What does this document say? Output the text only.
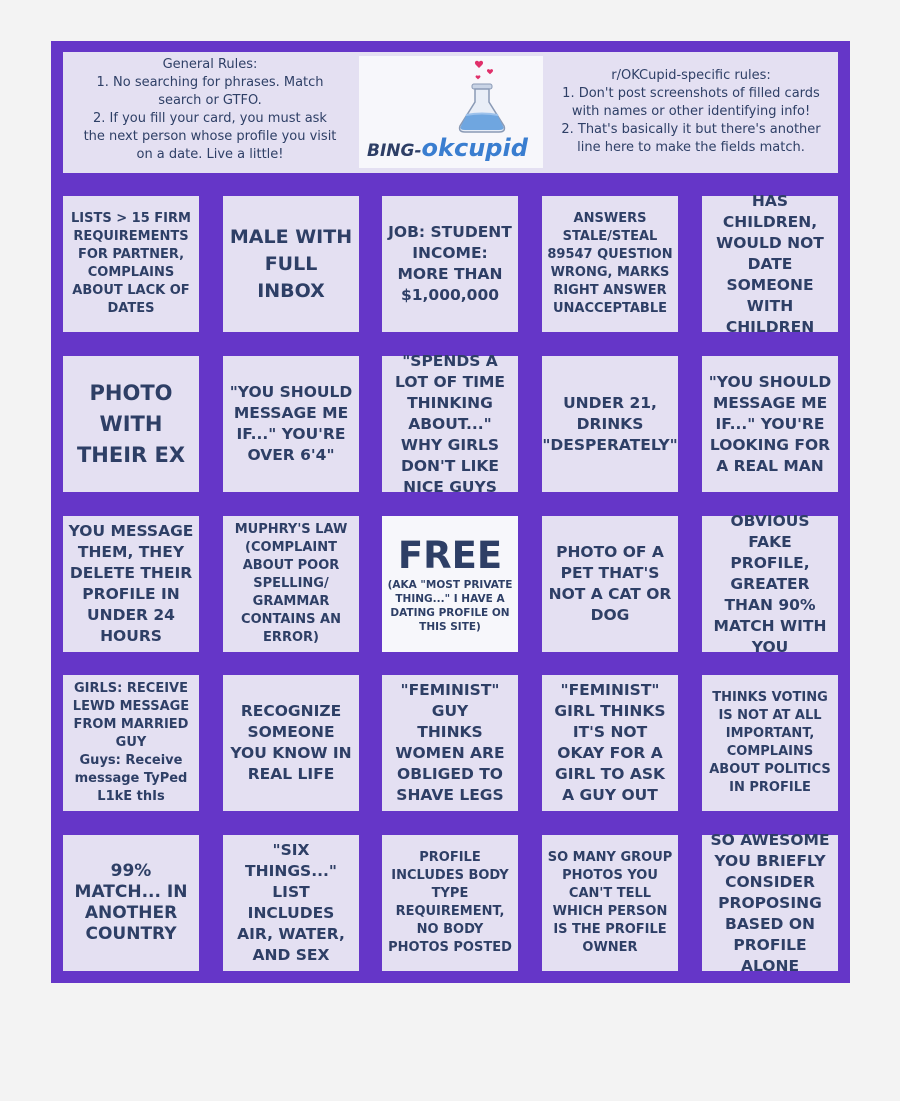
General Rules:
1. No searching for phrases. Match
search or GTFO.
2. If you fill your card, you must ask
the next person whose profile you visit
on a date. Live a little!	BING-okcupid
r/OKCupid-specific rules:
1. Don't post screenshots of filled cards
with names or other identifying info!
2. That's basically it but there's another
line here to make the fields match.
LISTS > 15 FIRM REQUIREMENTS FOR PARTNER, COMPLAINS ABOUT LACK OF DATES
MALE WITH FULL INBOX
JOB: STUDENT
INCOME: MORE THAN $1,000,000
ANSWERS STALE/STEAL 89547 QUESTION WRONG, MARKS RIGHT ANSWER UNACCEPTABLE
HAS CHILDREN, WOULD NOT DATE SOMEONE WITH CHILDREN
PHOTO WITH THEIR EX
"YOU SHOULD MESSAGE ME IF..." YOU'RE OVER 6'4"
"SPENDS A LOT OF TIME THINKING ABOUT..." WHY GIRLS DON'T LIKE NICE GUYS
UNDER 21, DRINKS "DESPERATELY"
"YOU SHOULD MESSAGE ME IF..." YOU'RE LOOKING FOR A REAL MAN
YOU MESSAGE THEM, THEY DELETE THEIR PROFILE IN UNDER 24 HOURS
MUPHRY'S LAW (COMPLAINT ABOUT POOR SPELLING/ GRAMMAR CONTAINS AN ERROR)
FREE
(AKA "MOST PRIVATE THING..." I HAVE A DATING PROFILE ON THIS SITE)
PHOTO OF A PET THAT'S NOT A CAT OR DOG
OBVIOUS FAKE PROFILE, GREATER THAN 90% MATCH WITH YOU
GIRLS: RECEIVE LEWD MESSAGE FROM MARRIED GUY
Guys: Receive message TyPed L1kE thIs
RECOGNIZE SOMEONE YOU KNOW IN REAL LIFE
"FEMINIST" GUY
THINKS WOMEN ARE OBLIGED TO SHAVE LEGS
"FEMINIST" GIRL THINKS IT'S NOT OKAY FOR A GIRL TO ASK A GUY OUT
THINKS VOTING IS NOT AT ALL IMPORTANT, COMPLAINS ABOUT POLITICS IN PROFILE
99% MATCH... IN ANOTHER COUNTRY
"SIX THINGS..." LIST INCLUDES AIR, WATER, AND SEX
PROFILE INCLUDES BODY TYPE REQUIREMENT, NO BODY PHOTOS POSTED
SO MANY GROUP PHOTOS YOU CAN'T TELL WHICH PERSON IS THE PROFILE OWNER
SO AWESOME YOU BRIEFLY CONSIDER PROPOSING BASED ON PROFILE ALONE
